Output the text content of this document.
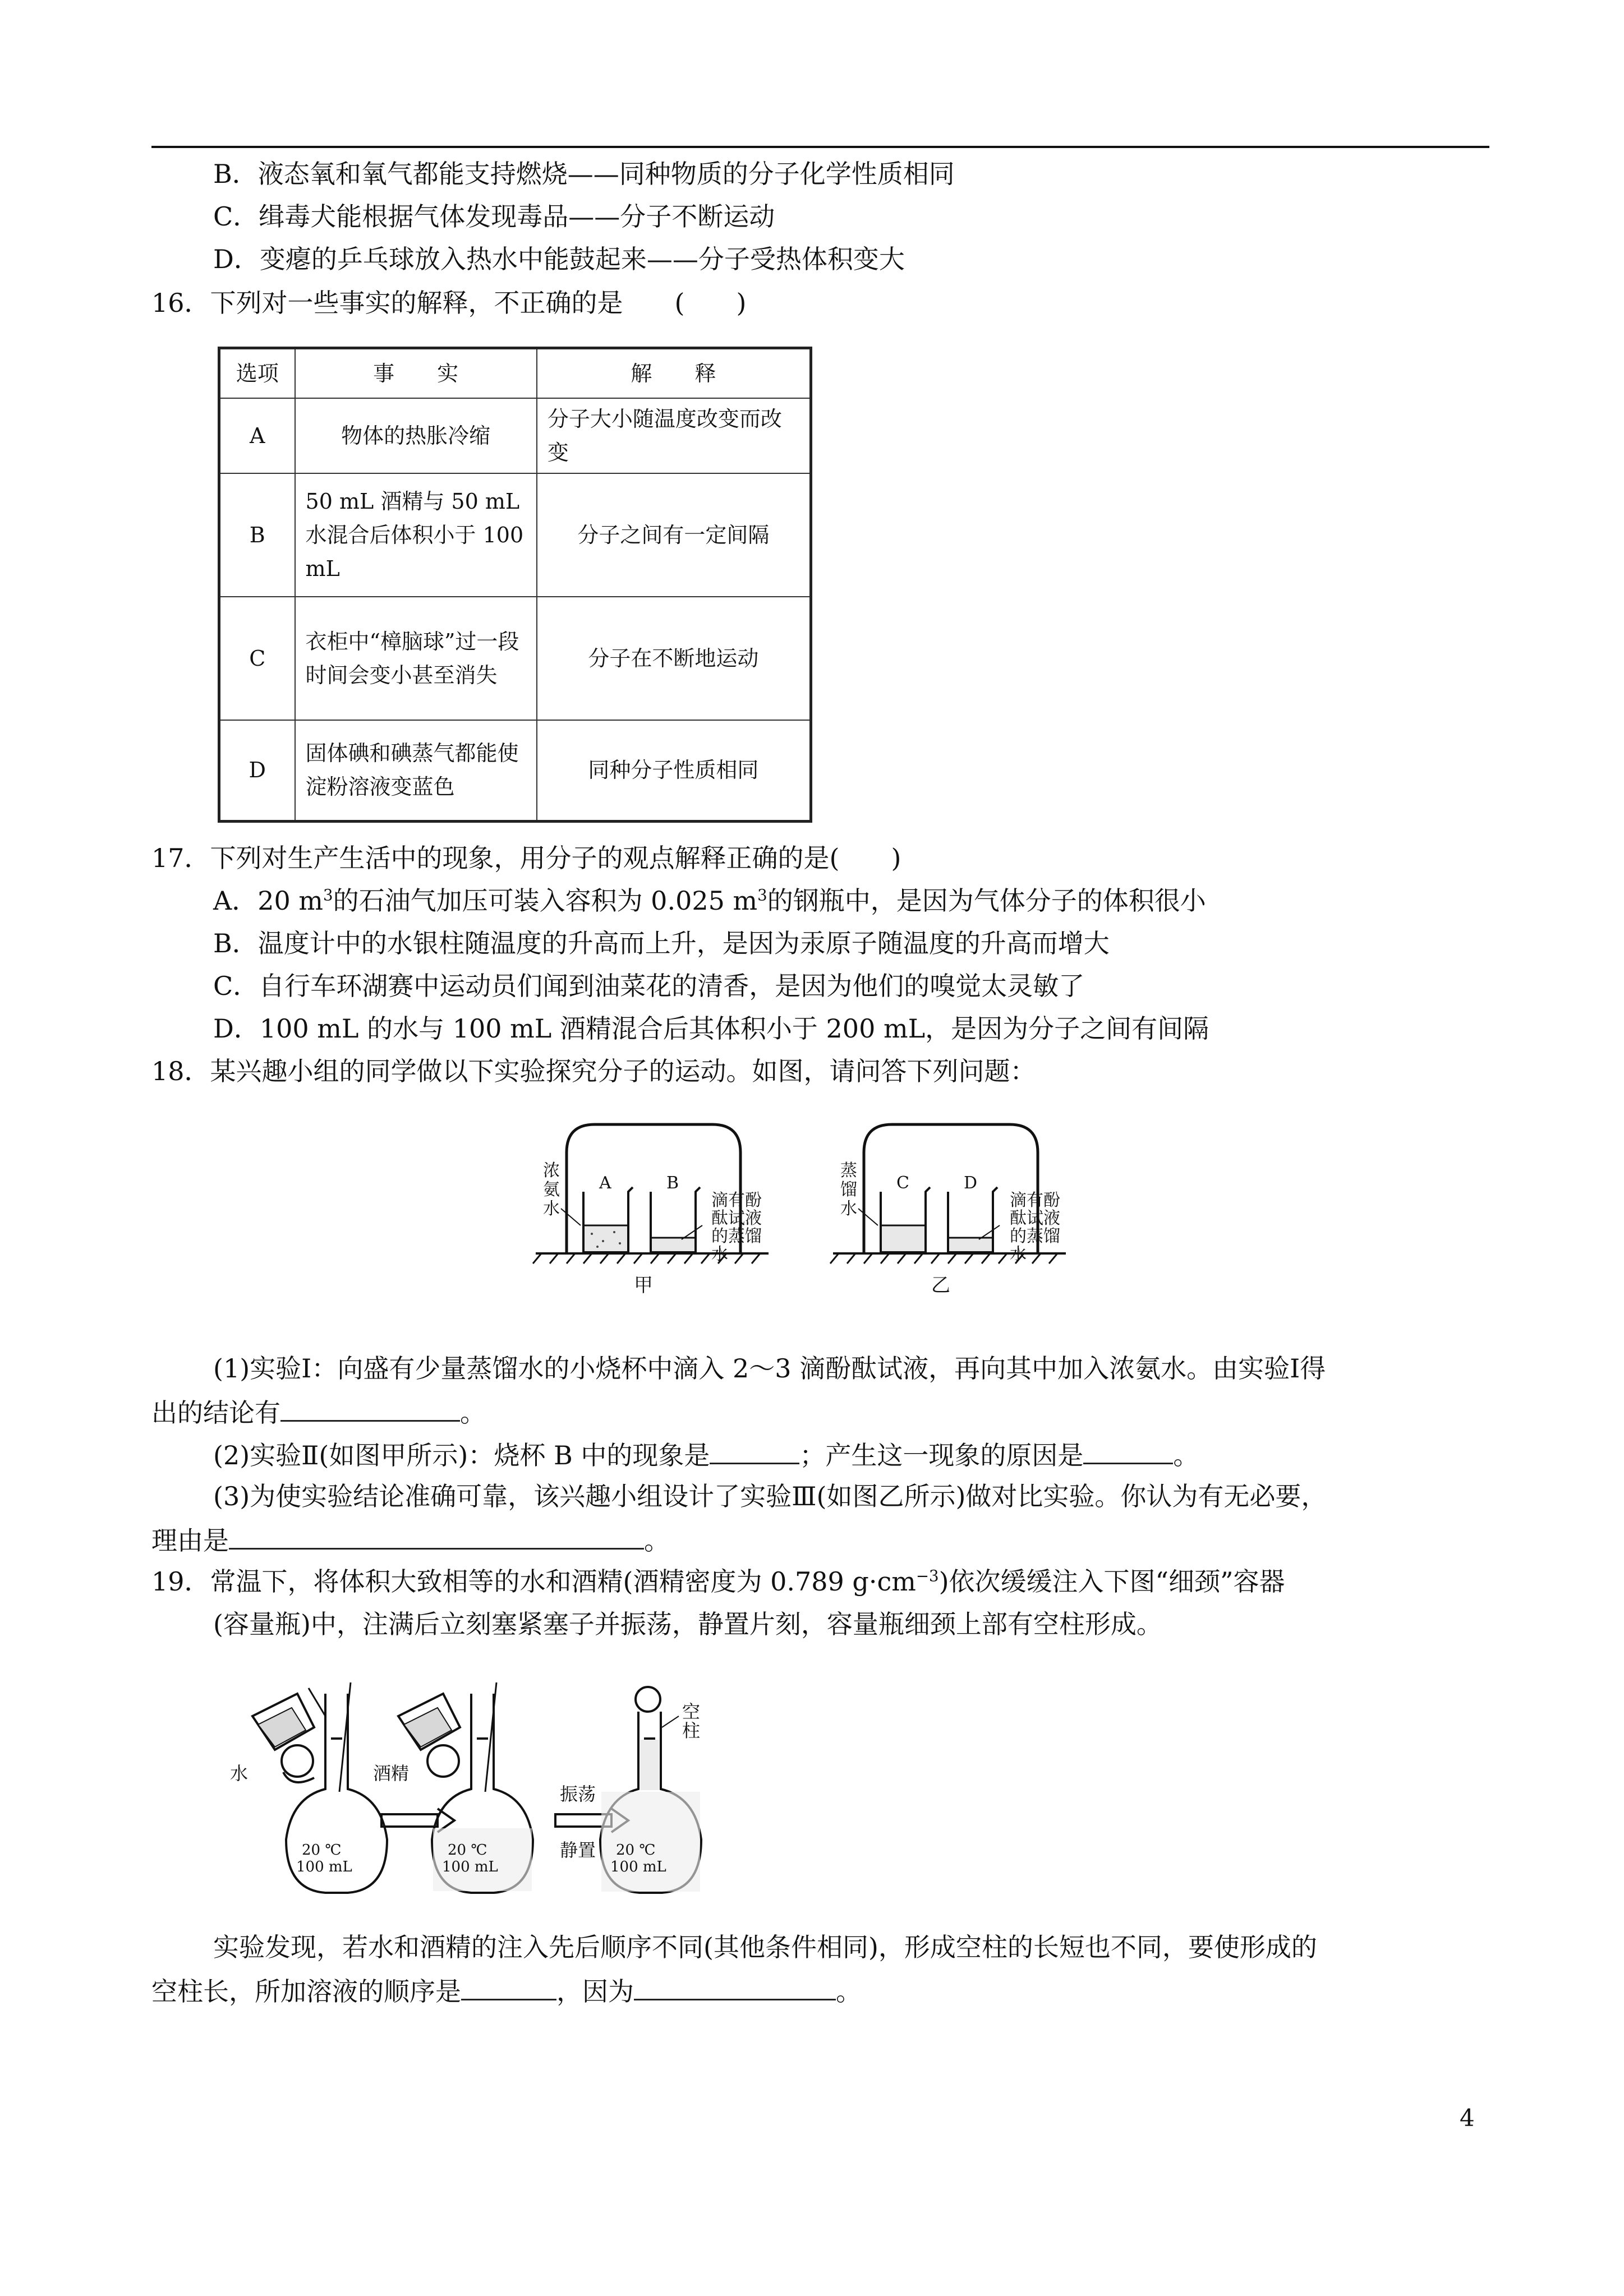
B．液态氧和氧气都能支持燃烧——同种物质的分子化学性质相同
C．缉毒犬能根据气体发现毒品——分子不断运动
D．变瘪的乒乓球放入热水中能鼓起来——分子受热体积变大
16．下列对一些事实的解释，不正确的是　　(　　)
选项	事　　实	解　　释
A	物体的热胀冷缩	分子大小随温度改变而改变
B	50 mL 酒精与 50 mL 水混合后体积小于 100 mL	分子之间有一定间隔
C	衣柜中“樟脑球”过一段时间会变小甚至消失	分子在不断地运动
D	固体碘和碘蒸气都能使淀粉溶液变蓝色	同种分子性质相同
17．下列对生产生活中的现象，用分子的观点解释正确的是(　　)
A．20 $m^3$的石油气加压可装入容积为 0.025 $m^3$的钢瓶中，是因为气体分子的体积很小
B．温度计中的水银柱随温度的升高而上升，是因为汞原子随温度的升高而增大
C．自行车环湖赛中运动员们闻到油菜花的清香，是因为他们的嗅觉太灵敏了
D．100 mL 的水与 100 mL 酒精混合后其体积小于 200 mL，是因为分子之间有间隔
18．某兴趣小组的同学做以下实验探究分子的运动。如图，请问答下列问题：
A	B
浓氨水
甲
滴有酚酞试液的蒸馏水
C	D
蒸馏水
乙
滴有酚酞试液的蒸馏水
(1)实验Ⅰ：向盛有少量蒸馏水的小烧杯中滴入 2～3 滴酚酞试液，再向其中加入浓氨水。由实验Ⅰ得
出的结论有	。
(2)实验Ⅱ(如图甲所示)：烧杯 B 中的现象是	；产生这一现象的原因是	。
(3)为使实验结论准确可靠，该兴趣小组设计了实验Ⅲ(如图乙所示)做对比实验。你认为有无必要，
理由是	。
19．常温下，将体积大致相等的水和酒精(酒精密度为 0.789 $g\cdot cm^{-3}$)依次缓缓注入下图“细颈”容器
(容量瓶)中，注满后立刻塞紧塞子并振荡，静置片刻，容量瓶细颈上部有空柱形成。
水	酒精
振荡
静置
空柱
20 ℃
100 mL
20 ℃
100 mL
20 ℃
100 mL
实验发现，若水和酒精的注入先后顺序不同(其他条件相同)，形成空柱的长短也不同，要使形成的
空柱长，所加溶液的顺序是	，因为	。
4
